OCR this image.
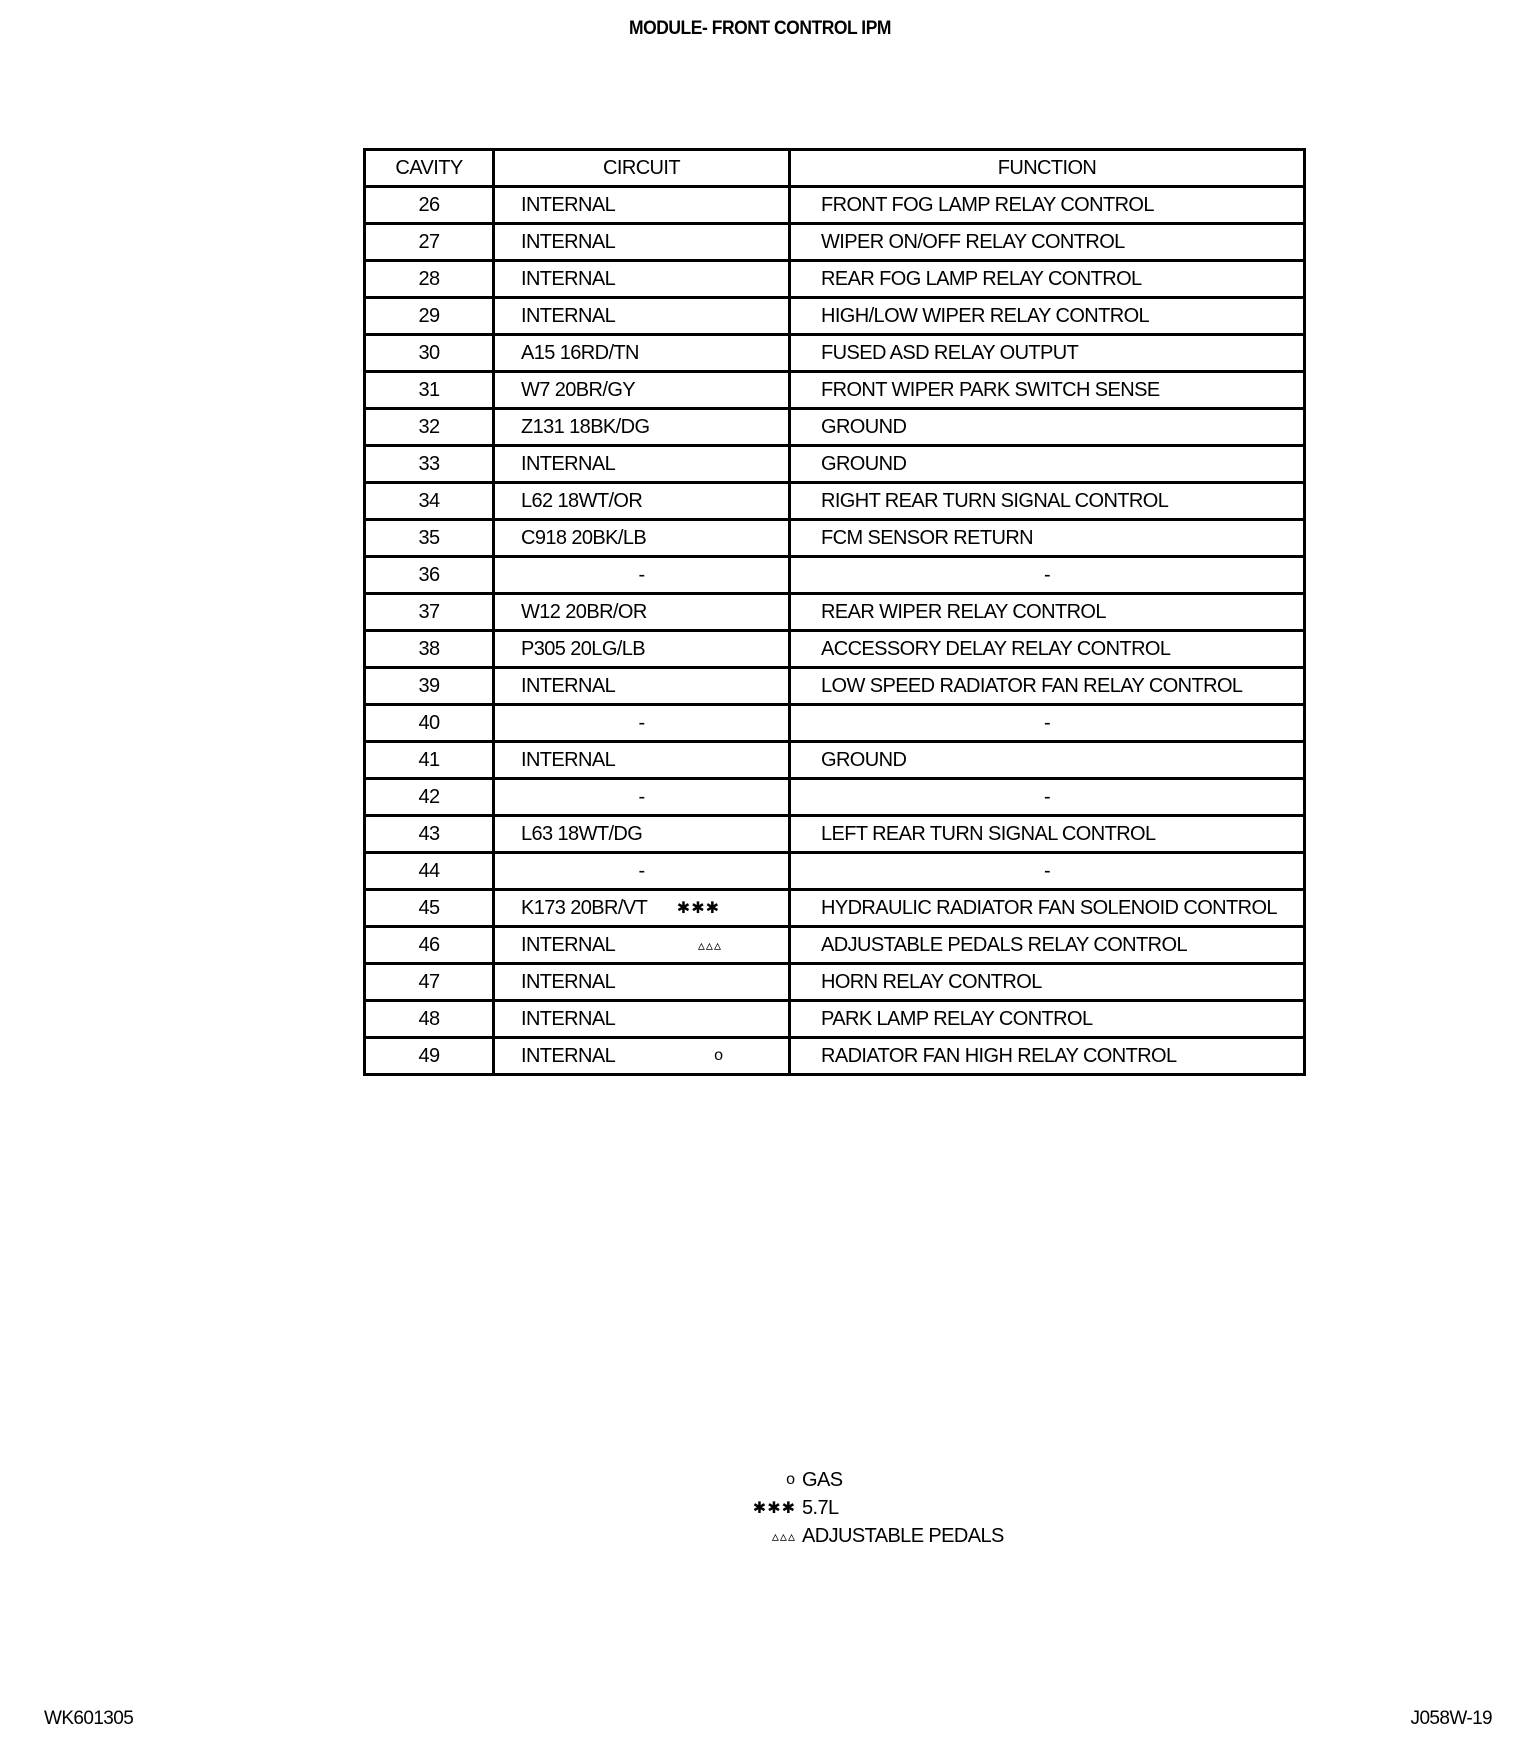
MODULE- FRONT CONTROL IPM
CAVITY	CIRCUIT	FUNCTION
26	INTERNAL	FRONT FOG LAMP RELAY CONTROL

27	INTERNAL	WIPER ON/OFF RELAY CONTROL

28	INTERNAL	REAR FOG LAMP RELAY CONTROL

29	INTERNAL	HIGH/LOW WIPER RELAY CONTROL

30	A15 16RD/TN	FUSED ASD RELAY OUTPUT

31	W7 20BR/GY	FRONT WIPER PARK SWITCH SENSE

32	Z131 18BK/DG	GROUND

33	INTERNAL	GROUND

34	L62 18WT/OR	RIGHT REAR TURN SIGNAL CONTROL

35	C918 20BK/LB	FCM SENSOR RETURN

36	-	-

37	W12 20BR/OR	REAR WIPER RELAY CONTROL

38	P305 20LG/LB	ACCESSORY DELAY RELAY CONTROL

39	INTERNAL	LOW SPEED RADIATOR FAN RELAY CONTROL

40	-	-

41	INTERNAL	GROUND

42	-	-

43	L63 18WT/DG	LEFT REAR TURN SIGNAL CONTROL

44	-	-

45	K173 20BR/VT ✱✱✱	HYDRAULIC RADIATOR FAN SOLENOID CONTROL

46	INTERNAL ▵▵▵	ADJUSTABLE PEDALS RELAY CONTROL

47	INTERNAL	HORN RELAY CONTROL

48	INTERNAL	PARK LAMP RELAY CONTROL

49	INTERNAL o	RADIATOR FAN HIGH RELAY CONTROL
o GAS
✱✱✱ 5.7L
▵▵▵ ADJUSTABLE PEDALS
WK601305	J058W-19
